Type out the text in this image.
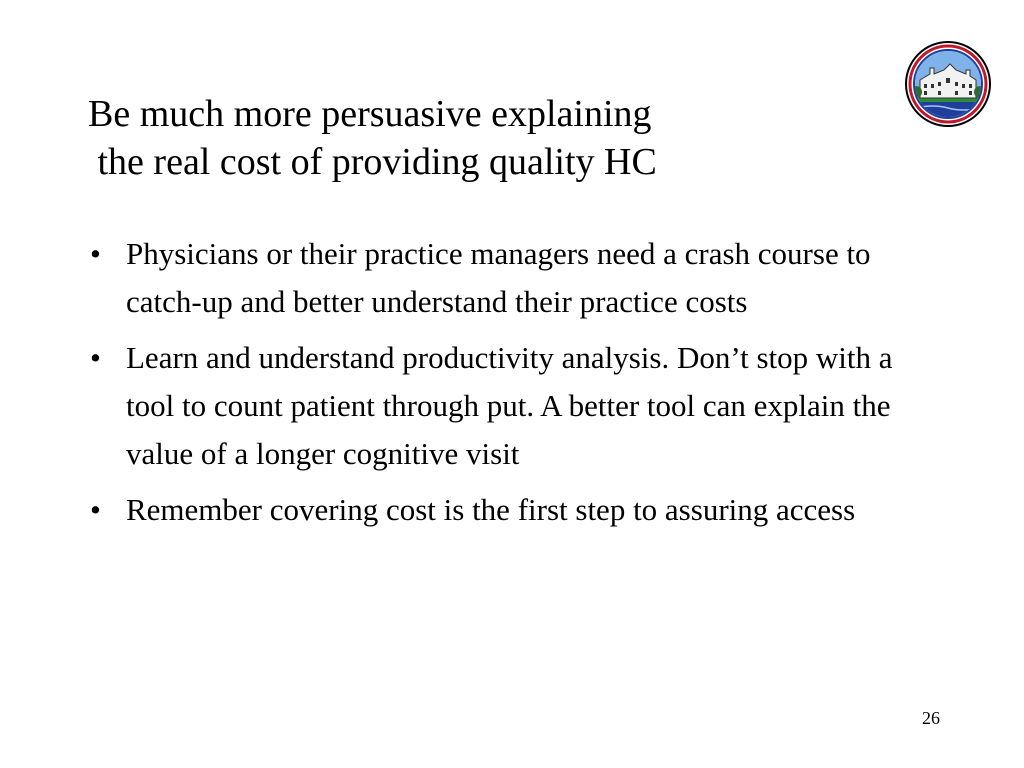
Be much more persuasive explaining
the real cost of providing quality HC
• Physicians or their practice managers need a crash course to catch-up and better understand their practice costs
• Learn and understand productivity analysis. Don’t stop with a tool to count patient through put. A better tool can explain the value of a longer cognitive visit
• Remember covering cost is the first step to assuring access
26
